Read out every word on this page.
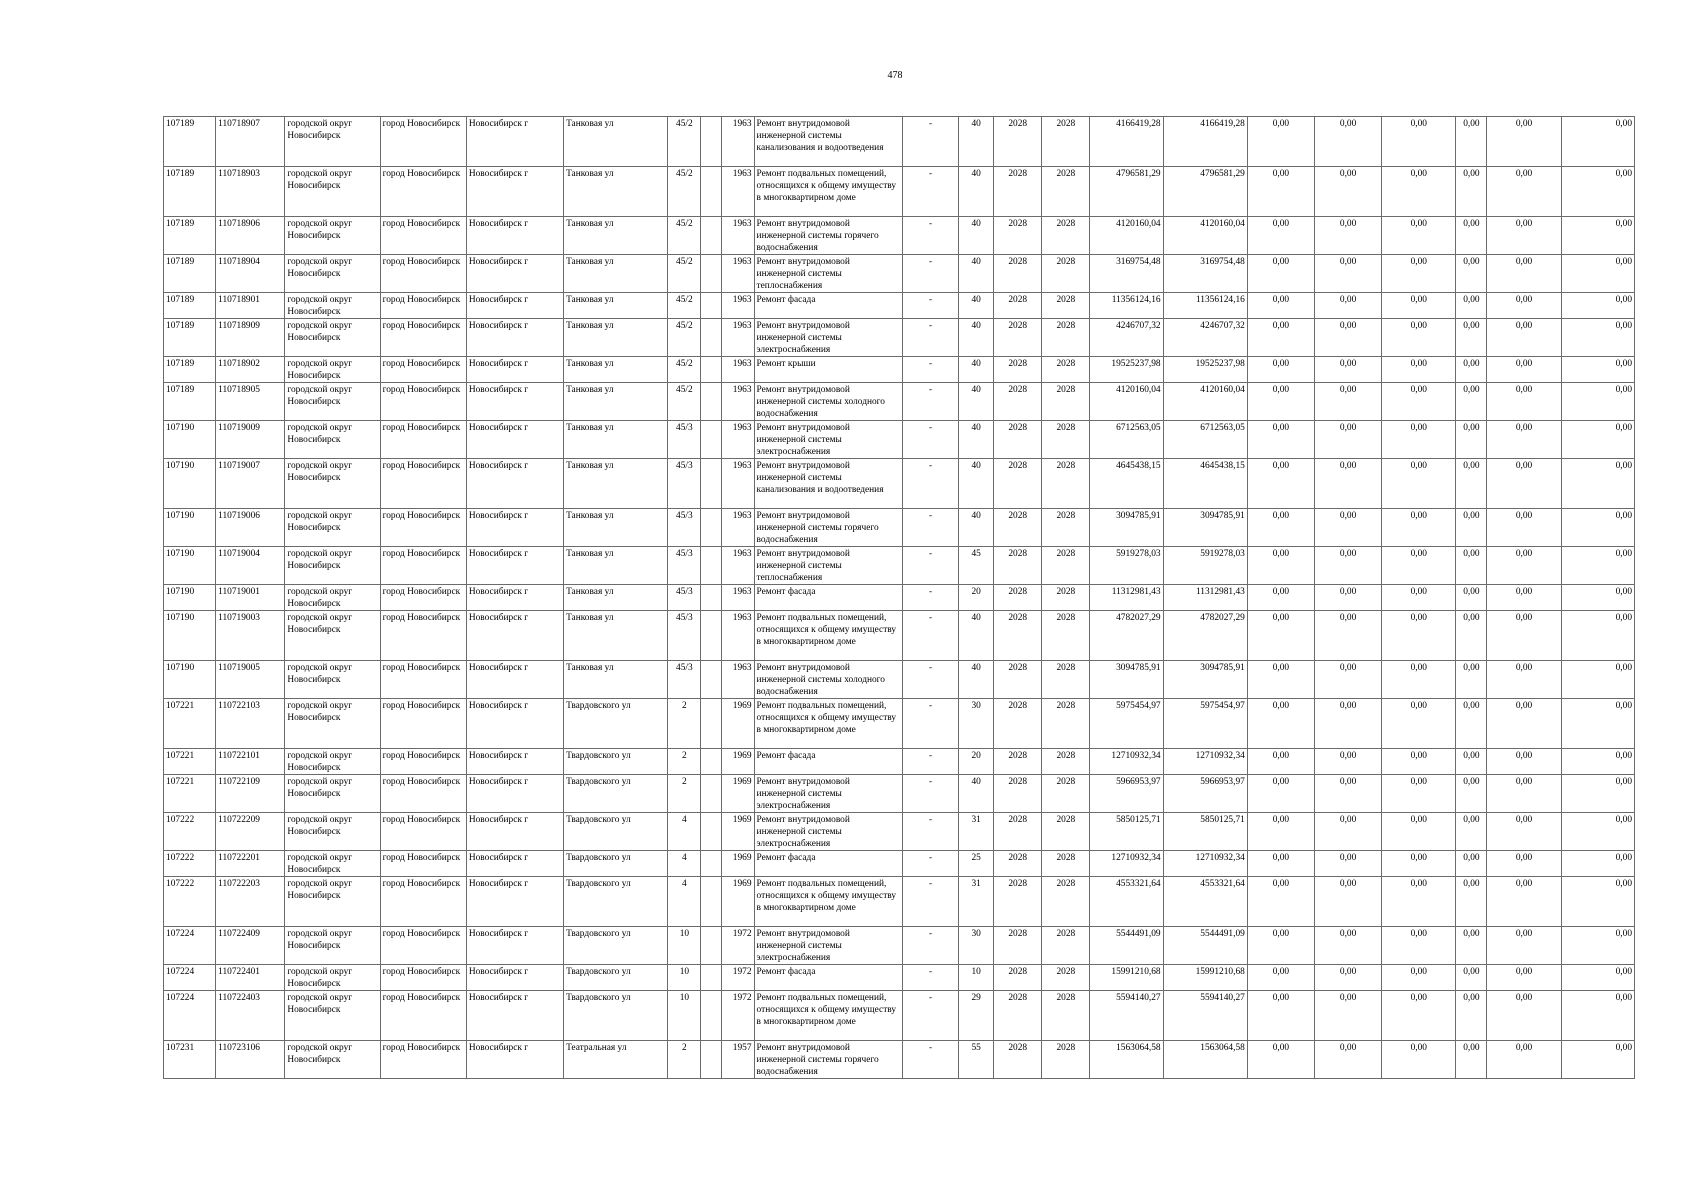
478
107189	110718907	городской округ Новосибирск	город Новосибирск	Новосибирск г	Танковая ул	45/2		1963	Ремонт внутридомовой инженерной системы канализования и водоотведения	-	40	2028	2028	4166419,28	4166419,28	0,00	0,00	0,00	0,00	0,00	0,00
107189	110718903	городской округ Новосибирск	город Новосибирск	Новосибирск г	Танковая ул	45/2		1963	Ремонт подвальных помещений, относящихся к общему имуществу в многоквартирном доме	-	40	2028	2028	4796581,29	4796581,29	0,00	0,00	0,00	0,00	0,00	0,00
107189	110718906	городской округ Новосибирск	город Новосибирск	Новосибирск г	Танковая ул	45/2		1963	Ремонт внутридомовой инженерной системы горячего водоснабжения	-	40	2028	2028	4120160,04	4120160,04	0,00	0,00	0,00	0,00	0,00	0,00
107189	110718904	городской округ Новосибирск	город Новосибирск	Новосибирск г	Танковая ул	45/2		1963	Ремонт внутридомовой инженерной системы теплоснабжения	-	40	2028	2028	3169754,48	3169754,48	0,00	0,00	0,00	0,00	0,00	0,00
107189	110718901	городской округ Новосибирск	город Новосибирск	Новосибирск г	Танковая ул	45/2		1963	Ремонт фасада	-	40	2028	2028	11356124,16	11356124,16	0,00	0,00	0,00	0,00	0,00	0,00
107189	110718909	городской округ Новосибирск	город Новосибирск	Новосибирск г	Танковая ул	45/2		1963	Ремонт внутридомовой инженерной системы электроснабжения	-	40	2028	2028	4246707,32	4246707,32	0,00	0,00	0,00	0,00	0,00	0,00
107189	110718902	городской округ Новосибирск	город Новосибирск	Новосибирск г	Танковая ул	45/2		1963	Ремонт крыши	-	40	2028	2028	19525237,98	19525237,98	0,00	0,00	0,00	0,00	0,00	0,00
107189	110718905	городской округ Новосибирск	город Новосибирск	Новосибирск г	Танковая ул	45/2		1963	Ремонт внутридомовой инженерной системы холодного водоснабжения	-	40	2028	2028	4120160,04	4120160,04	0,00	0,00	0,00	0,00	0,00	0,00
107190	110719009	городской округ Новосибирск	город Новосибирск	Новосибирск г	Танковая ул	45/3		1963	Ремонт внутридомовой инженерной системы электроснабжения	-	40	2028	2028	6712563,05	6712563,05	0,00	0,00	0,00	0,00	0,00	0,00
107190	110719007	городской округ Новосибирск	город Новосибирск	Новосибирск г	Танковая ул	45/3		1963	Ремонт внутридомовой инженерной системы канализования и водоотведения	-	40	2028	2028	4645438,15	4645438,15	0,00	0,00	0,00	0,00	0,00	0,00
107190	110719006	городской округ Новосибирск	город Новосибирск	Новосибирск г	Танковая ул	45/3		1963	Ремонт внутридомовой инженерной системы горячего водоснабжения	-	40	2028	2028	3094785,91	3094785,91	0,00	0,00	0,00	0,00	0,00	0,00
107190	110719004	городской округ Новосибирск	город Новосибирск	Новосибирск г	Танковая ул	45/3		1963	Ремонт внутридомовой инженерной системы теплоснабжения	-	45	2028	2028	5919278,03	5919278,03	0,00	0,00	0,00	0,00	0,00	0,00
107190	110719001	городской округ Новосибирск	город Новосибирск	Новосибирск г	Танковая ул	45/3		1963	Ремонт фасада	-	20	2028	2028	11312981,43	11312981,43	0,00	0,00	0,00	0,00	0,00	0,00
107190	110719003	городской округ Новосибирск	город Новосибирск	Новосибирск г	Танковая ул	45/3		1963	Ремонт подвальных помещений, относящихся к общему имуществу в многоквартирном доме	-	40	2028	2028	4782027,29	4782027,29	0,00	0,00	0,00	0,00	0,00	0,00
107190	110719005	городской округ Новосибирск	город Новосибирск	Новосибирск г	Танковая ул	45/3		1963	Ремонт внутридомовой инженерной системы холодного водоснабжения	-	40	2028	2028	3094785,91	3094785,91	0,00	0,00	0,00	0,00	0,00	0,00
107221	110722103	городской округ Новосибирск	город Новосибирск	Новосибирск г	Твардовского ул	2		1969	Ремонт подвальных помещений, относящихся к общему имуществу в многоквартирном доме	-	30	2028	2028	5975454,97	5975454,97	0,00	0,00	0,00	0,00	0,00	0,00
107221	110722101	городской округ Новосибирск	город Новосибирск	Новосибирск г	Твардовского ул	2		1969	Ремонт фасада	-	20	2028	2028	12710932,34	12710932,34	0,00	0,00	0,00	0,00	0,00	0,00
107221	110722109	городской округ Новосибирск	город Новосибирск	Новосибирск г	Твардовского ул	2		1969	Ремонт внутридомовой инженерной системы электроснабжения	-	40	2028	2028	5966953,97	5966953,97	0,00	0,00	0,00	0,00	0,00	0,00
107222	110722209	городской округ Новосибирск	город Новосибирск	Новосибирск г	Твардовского ул	4		1969	Ремонт внутридомовой инженерной системы электроснабжения	-	31	2028	2028	5850125,71	5850125,71	0,00	0,00	0,00	0,00	0,00	0,00
107222	110722201	городской округ Новосибирск	город Новосибирск	Новосибирск г	Твардовского ул	4		1969	Ремонт фасада	-	25	2028	2028	12710932,34	12710932,34	0,00	0,00	0,00	0,00	0,00	0,00
107222	110722203	городской округ Новосибирск	город Новосибирск	Новосибирск г	Твардовского ул	4		1969	Ремонт подвальных помещений, относящихся к общему имуществу в многоквартирном доме	-	31	2028	2028	4553321,64	4553321,64	0,00	0,00	0,00	0,00	0,00	0,00
107224	110722409	городской округ Новосибирск	город Новосибирск	Новосибирск г	Твардовского ул	10		1972	Ремонт внутридомовой инженерной системы электроснабжения	-	30	2028	2028	5544491,09	5544491,09	0,00	0,00	0,00	0,00	0,00	0,00
107224	110722401	городской округ Новосибирск	город Новосибирск	Новосибирск г	Твардовского ул	10		1972	Ремонт фасада	-	10	2028	2028	15991210,68	15991210,68	0,00	0,00	0,00	0,00	0,00	0,00
107224	110722403	городской округ Новосибирск	город Новосибирск	Новосибирск г	Твардовского ул	10		1972	Ремонт подвальных помещений, относящихся к общему имуществу в многоквартирном доме	-	29	2028	2028	5594140,27	5594140,27	0,00	0,00	0,00	0,00	0,00	0,00
107231	110723106	городской округ Новосибирск	город Новосибирск	Новосибирск г	Театральная ул	2		1957	Ремонт внутридомовой инженерной системы горячего водоснабжения	-	55	2028	2028	1563064,58	1563064,58	0,00	0,00	0,00	0,00	0,00	0,00
